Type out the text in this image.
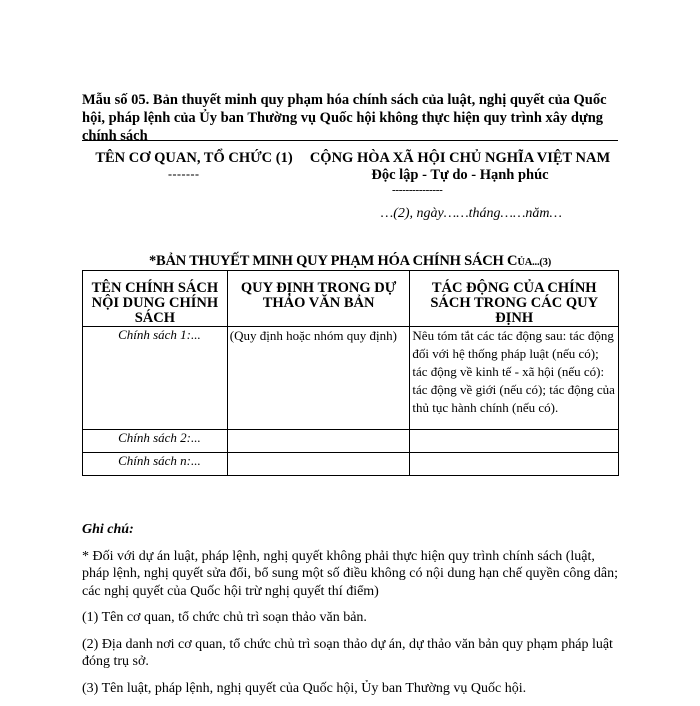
Mẫu số 05. Bản thuyết minh quy phạm hóa chính sách của luật, nghị quyết của Quốc hội, pháp lệnh của Ủy ban Thường vụ Quốc hội không thực hiện quy trình xây dựng chính sách
TÊN CƠ QUAN, TỔ CHỨC (1)
-------
CỘNG HÒA XÃ HỘI CHỦ NGHĨA VIỆT NAM
Độc lập - Tự do - Hạnh phúc
---------------
…(2), ngày……tháng……năm…
*BẢN THUYẾT MINH QUY PHẠM HÓA CHÍNH SÁCH CỦA...(3)
TÊN CHÍNH SÁCH NỘI DUNG CHÍNH SÁCH	QUY ĐỊNH TRONG DỰ THẢO VĂN BẢN	TÁC ĐỘNG CỦA CHÍNH SÁCH TRONG CÁC QUY ĐỊNH
Chính sách 1:...	(Quy định hoặc nhóm quy định)	Nêu tóm tắt các tác động sau: tác động đối với hệ thống pháp luật (nếu có); tác động về kinh tế - xã hội (nếu có): tác động về giới (nếu có); tác động của thủ tục hành chính (nếu có).
Chính sách 2:...		
Chính sách n:...		
Ghi chú:

* Đối với dự án luật, pháp lệnh, nghị quyết không phải thực hiện quy trình chính sách (luật, pháp lệnh, nghị quyết sửa đổi, bổ sung một số điều không có nội dung hạn chế quyền công dân; các nghị quyết của Quốc hội trừ nghị quyết thí điểm)

(1) Tên cơ quan, tổ chức chủ trì soạn thảo văn bản.

(2) Địa danh nơi cơ quan, tổ chức chủ trì soạn thảo dự án, dự thảo văn bản quy phạm pháp luật đóng trụ sở.

(3) Tên luật, pháp lệnh, nghị quyết của Quốc hội, Ủy ban Thường vụ Quốc hội.
